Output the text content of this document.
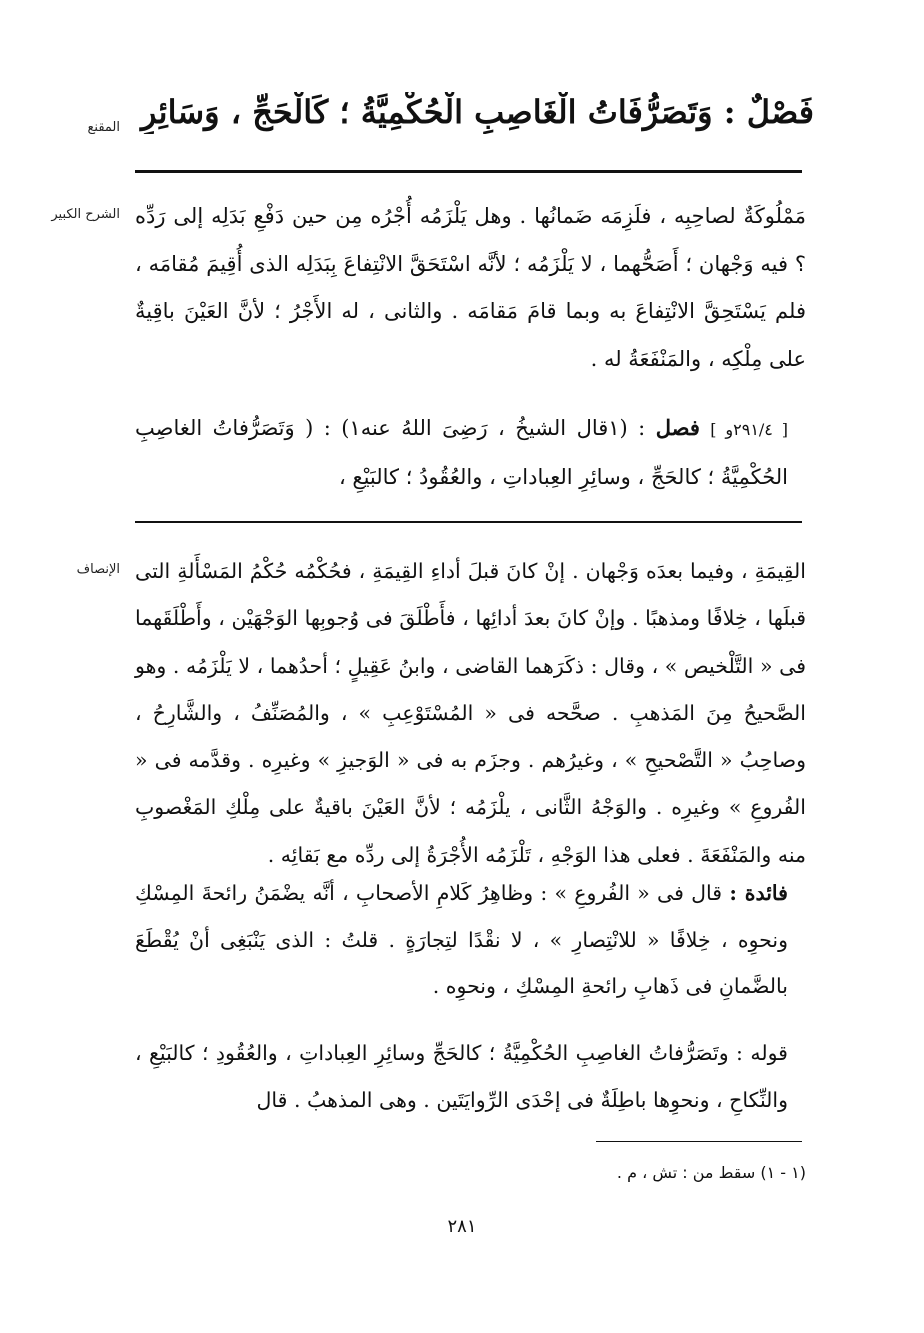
المقنع
الشرح الكبير
الإنصاف
فَصْلٌ : وَتَصَرُّفَاتُ الْغَاصِبِ الْحُكْمِيَّةُ ؛ كَالْحَجِّ ، وَسَائِرِ

مَمْلُوكَةٌ لصاحِبِه ، فلَزِمَه ضَمانُها . وهل يَلْزَمُه أُجْرُه مِن حين دَفْعِ بَدَلِه إلى رَدِّه ؟ فيه وَجْهان ؛ أَصَحُّهما ، لا يَلْزَمُه ؛ لأنَّه اسْتَحَقَّ الانْتِفاعَ بِبَدَلِه الذى أُقِيمَ مُقامَه ، فلم يَسْتَحِقَّ الانْتِفاعَ به وبما قامَ مَقامَه . والثانى ، له الأَجْرُ ؛ لأنَّ العَيْنَ باقِيةٌ على مِلْكِه ، والمَنْفَعَةُ له .

[ ٢٩١/٤و ] فصل : (١قال الشيخُ ، رَضِىَ اللهُ عنه١) : ( وَتَصَرُّفاتُ الغاصِبِ الحُكْمِيَّةُ ؛ كالحَجِّ ، وسائِرِ العِباداتِ ، والعُقُودُ ؛ كالبَيْعِ ،

القِيمَةِ ، وفيما بعدَه وَجْهان . إنْ كانَ قبلَ أداءِ القِيمَةِ ، فحُكْمُه حُكْمُ المَسْأَلةِ التى قبلَها ، خِلافًا ومذهبًا . وإنْ كانَ بعدَ أدائِها ، فأَطْلَقَ فى وُجوبِها الوَجْهَيْن ، وأَطْلَقَهما فى « التَّلْخيص » ، وقال : ذكَرَهما القاضى ، وابنُ عَقِيلٍ ؛ أحدُهما ، لا يَلْزَمُه . وهو الصَّحيحُ مِنَ المَذهبِ . صحَّحه فى « المُسْتَوْعِبِ » ، والمُصَنِّفُ ، والشَّارِحُ ، وصاحِبُ « التَّصْحيحِ » ، وغيرُهم . وجزَم به فى « الوَجيزِ » وغيرِه . وقدَّمه فى « الفُروعِ » وغيرِه . والوَجْهُ الثَّانى ، يلْزَمُه ؛ لأنَّ العَيْنَ باقيةٌ على مِلْكِ المَغْصوبِ منه والمَنْفَعَةَ . فعلى هذا الوَجْهِ ، تَلْزَمُه الأُجْرَةُ إلى ردِّه مع بَقائِه .

فائدة : قال فى « الفُروعِ » : وظاهِرُ كَلامِ الأصحابِ ، أنَّه يضْمَنُ رائحةَ المِسْكِ ونحوِه ، خِلافًا « للانْتِصارِ » ، لا نقْدًا لتِجارَةٍ . قلتُ : الذى يَنْبَغِى أنْ يُقْطَعَ بالضَّمانِ فى ذَهابِ رائحةِ المِسْكِ ، ونحوِه .

قوله : وتَصَرُّفاتُ الغاصِبِ الحُكْمِيَّةُ ؛ كالحَجِّ وسائِرِ العِباداتِ ، والعُقُودِ ؛ كالبَيْعِ ، والنِّكاحِ ، ونحوِها باطِلَةٌ فى إحْدَى الرِّوايَتَين . وهى المذهبُ . قال

(١ - ١) سقط من : تش ، م .
٢٨١
